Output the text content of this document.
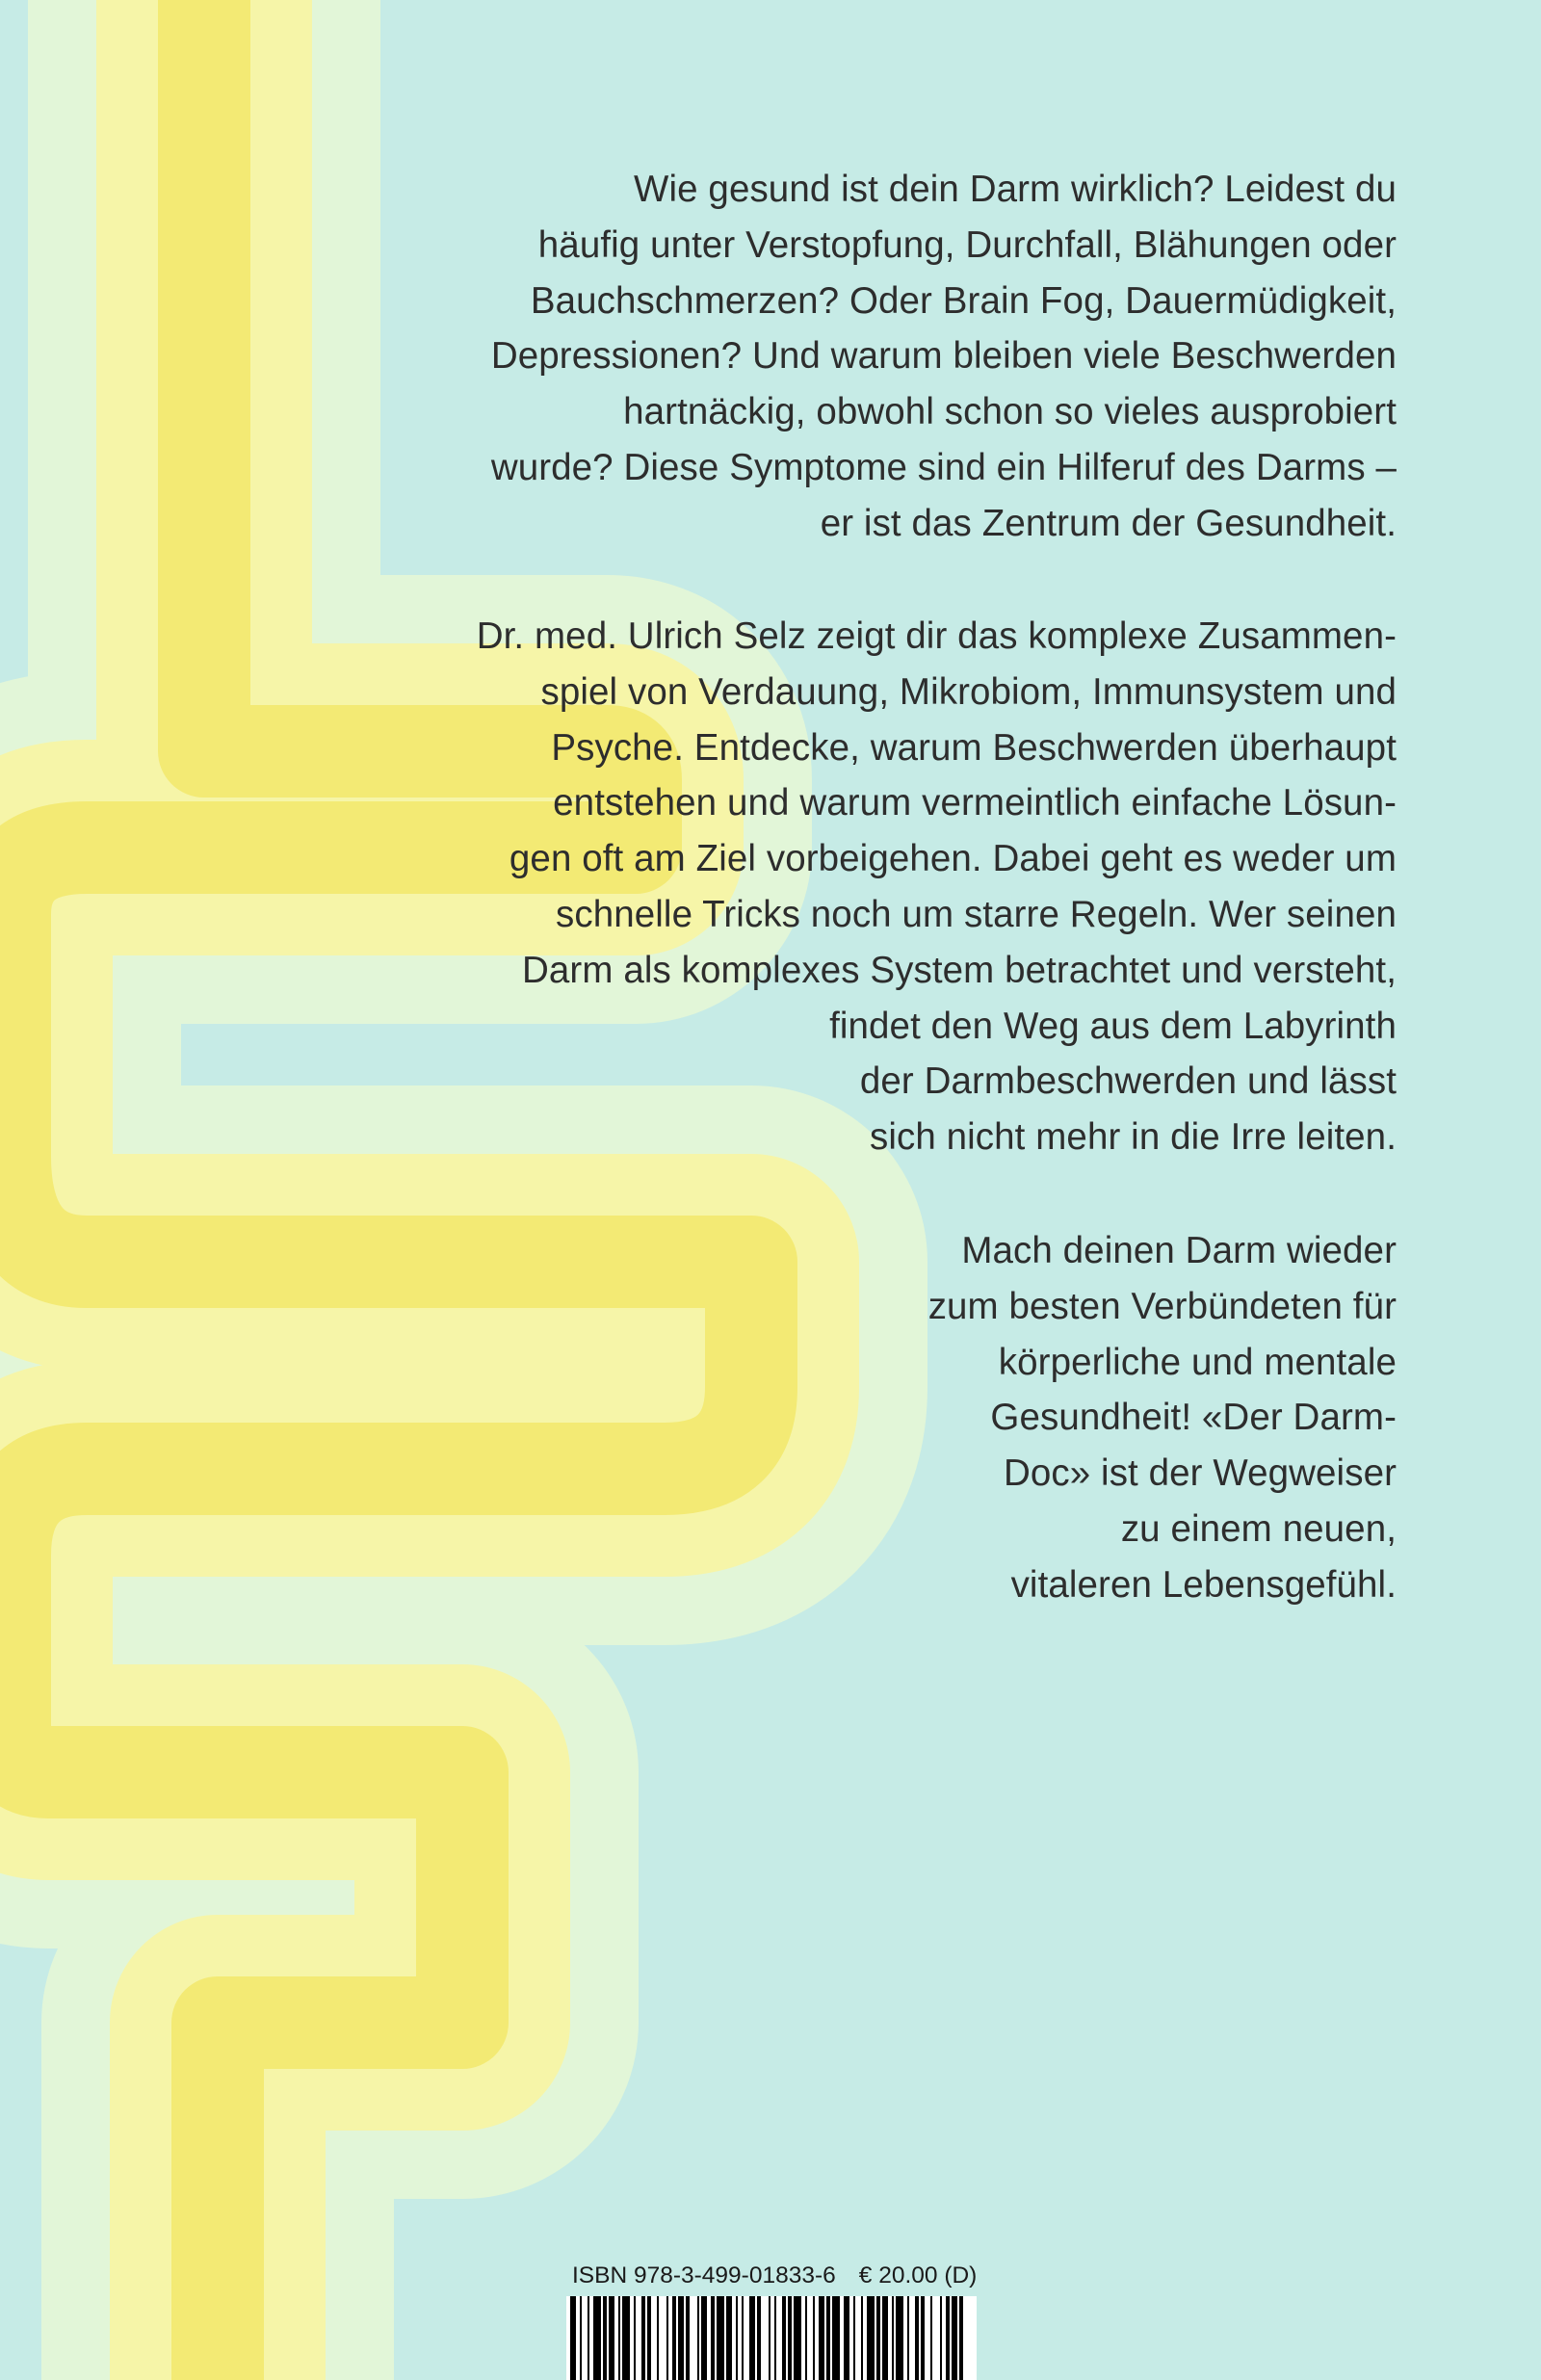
Wie gesund ist dein Darm wirklich? Leidest du
häufig unter Verstopfung, Durchfall, Blähungen oder
Bauchschmerzen? Oder Brain Fog, Dauermüdigkeit,
Depressionen? Und warum bleiben viele Beschwerden
hartnäckig, obwohl schon so vieles ausprobiert
wurde? Diese Symptome sind ein Hilferuf des Darms –
er ist das Zentrum der Gesundheit.
Dr. med. Ulrich Selz zeigt dir das komplexe Zusammen-
spiel von Verdauung, Mikrobiom, Immunsystem und
Psyche. Entdecke, warum Beschwerden überhaupt
entstehen und warum vermeintlich einfache Lösun-
gen oft am Ziel vorbeigehen. Dabei geht es weder um
schnelle Tricks noch um starre Regeln. Wer seinen
Darm als komplexes System betrachtet und versteht,
findet den Weg aus dem Labyrinth
der Darmbeschwerden und lässt
sich nicht mehr in die Irre leiten.
Mach deinen Darm wieder
zum besten Verbündeten für
körperliche und mentale
Gesundheit! «Der Darm-
Doc» ist der Wegweiser
zu einem neuen,
vitaleren Lebensgefühl.
ISBN 978-3-499-01833-6 € 20.00 (D)
